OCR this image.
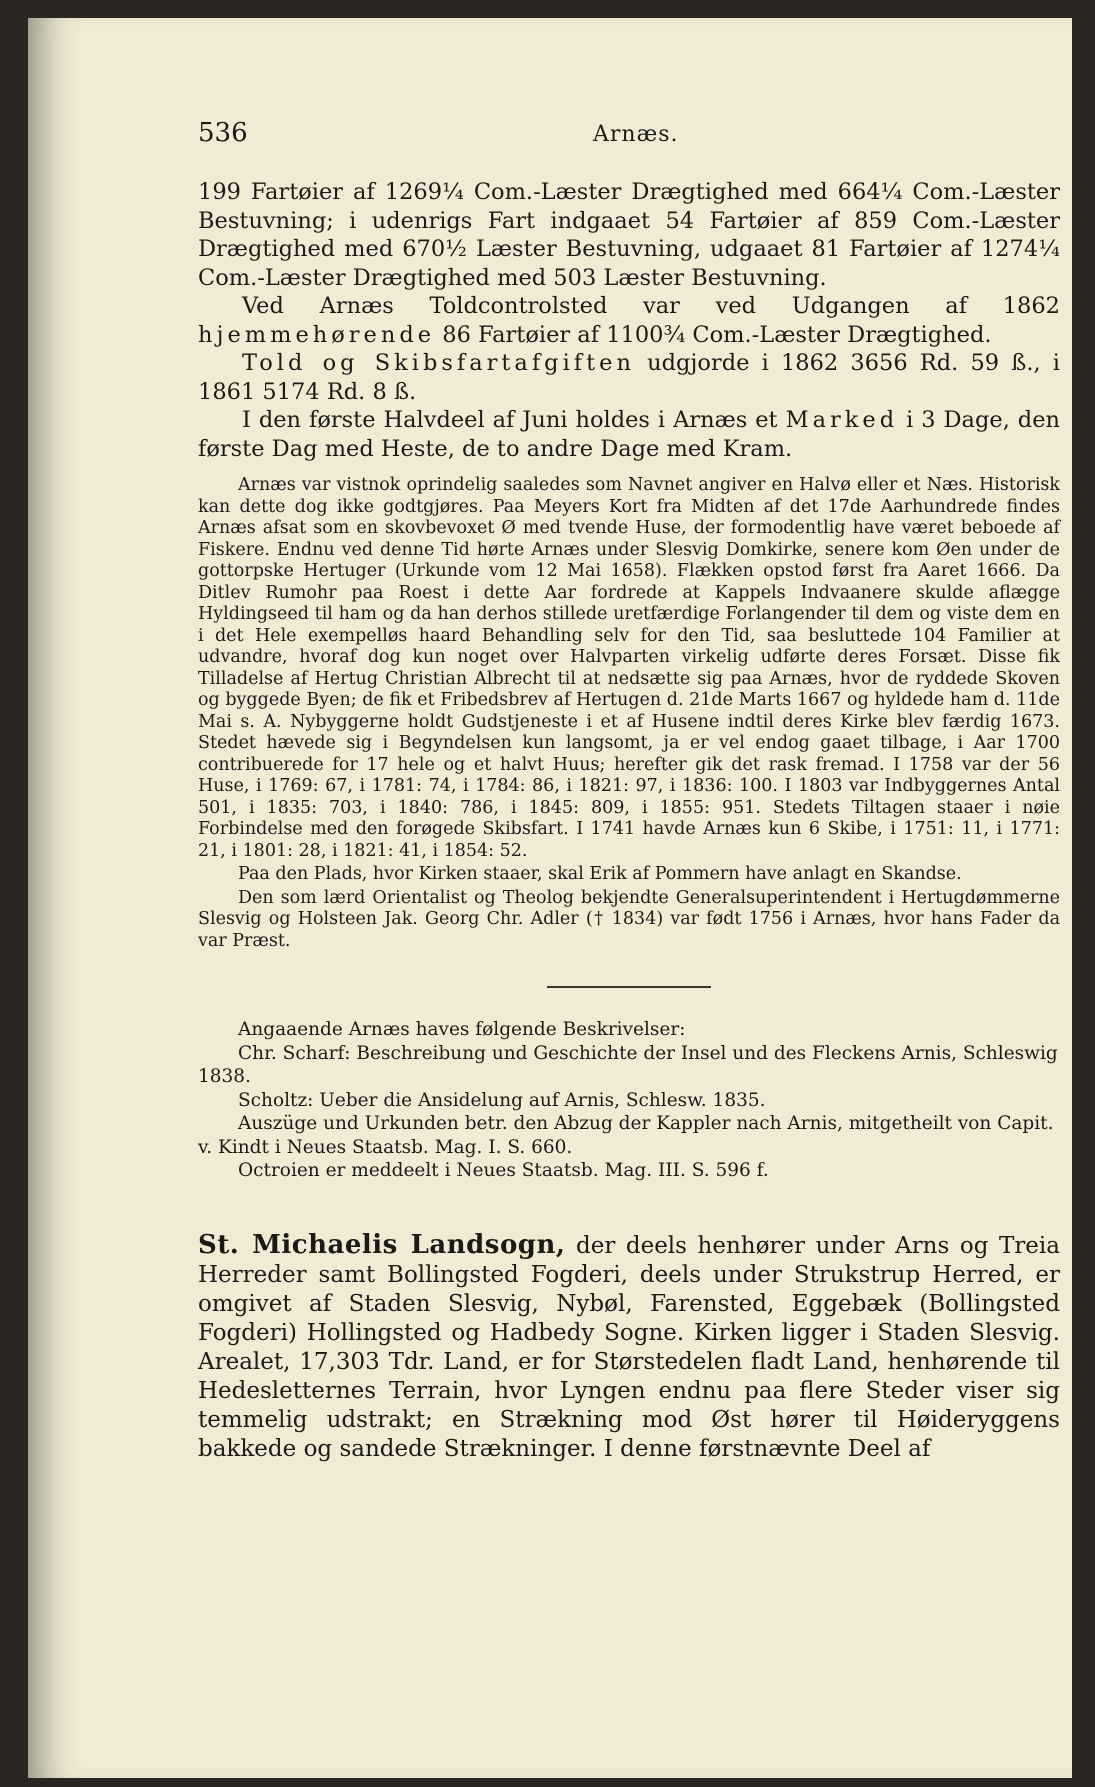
536	Arnæs.

199 Fartøier af 1269¼ Com.-Læster Drægtighed med 664¼ Com.-Læster Bestuvning; i udenrigs Fart indgaaet 54 Fartøier af 859 Com.-Læster Drægtighed med 670½ Læster Bestuvning, udgaaet 81 Fartøier af 1274¼ Com.-Læster Drægtighed med 503 Læster Bestuvning.

Ved Arnæs Toldcontrolsted var ved Udgangen af 1862 hjemmehørende 86 Fartøier af 1100¾ Com.-Læster Drægtighed.

Told og Skibsfartafgiften udgjorde i 1862 3656 Rd. 59 ß., i 1861 5174 Rd. 8 ß.

I den første Halvdeel af Juni holdes i Arnæs et Marked i 3 Dage, den første Dag med Heste, de to andre Dage med Kram.

Arnæs var vistnok oprindelig saaledes som Navnet angiver en Halvø eller et Næs. Historisk kan dette dog ikke godtgjøres. Paa Meyers Kort fra Midten af det 17de Aarhundrede findes Arnæs afsat som en skovbevoxet Ø med tvende Huse, der formodentlig have været beboede af Fiskere. Endnu ved denne Tid hørte Arnæs under Slesvig Domkirke, senere kom Øen under de gottorpske Hertuger (Urkunde vom 12 Mai 1658). Flækken opstod først fra Aaret 1666. Da Ditlev Rumohr paa Roest i dette Aar fordrede at Kappels Indvaanere skulde aflægge Hyldingseed til ham og da han derhos stillede uretfærdige Forlangender til dem og viste dem en i det Hele exempelløs haard Behandling selv for den Tid, saa besluttede 104 Familier at udvandre, hvoraf dog kun noget over Halvparten virkelig udførte deres Forsæt. Disse fik Tilladelse af Hertug Christian Albrecht til at nedsætte sig paa Arnæs, hvor de ryddede Skoven og byggede Byen; de fik et Fribedsbrev af Hertugen d. 21de Marts 1667 og hyldede ham d. 11de Mai s. A. Nybyggerne holdt Gudstjeneste i et af Husene indtil deres Kirke blev færdig 1673. Stedet hævede sig i Begyndelsen kun langsomt, ja er vel endog gaaet tilbage, i Aar 1700 contribuerede for 17 hele og et halvt Huus; herefter gik det rask fremad. I 1758 var der 56 Huse, i 1769: 67, i 1781: 74, i 1784: 86, i 1821: 97, i 1836: 100. I 1803 var Indbyggernes Antal 501, i 1835: 703, i 1840: 786, i 1845: 809, i 1855: 951. Stedets Tiltagen staaer i nøie Forbindelse med den forøgede Skibsfart. I 1741 havde Arnæs kun 6 Skibe, i 1751: 11, i 1771: 21, i 1801: 28, i 1821: 41, i 1854: 52.

Paa den Plads, hvor Kirken staaer, skal Erik af Pommern have anlagt en Skandse.

Den som lærd Orientalist og Theolog bekjendte Generalsuperintendent i Hertugdømmerne Slesvig og Holsteen Jak. Georg Chr. Adler († 1834) var født 1756 i Arnæs, hvor hans Fader da var Præst.

Angaaende Arnæs haves følgende Beskrivelser:

Chr. Scharf: Beschreibung und Geschichte der Insel und des Fleckens Arnis, Schleswig 1838.

Scholtz: Ueber die Ansidelung auf Arnis, Schlesw. 1835.

Auszüge und Urkunden betr. den Abzug der Kappler nach Arnis, mitgetheilt von Capit. v. Kindt i Neues Staatsb. Mag. I. S. 660.

Octroien er meddeelt i Neues Staatsb. Mag. III. S. 596 f.

St. Michaelis Landsogn, der deels henhører under Arns og Treia Herreder samt Bollingsted Fogderi, deels under Strukstrup Herred, er omgivet af Staden Slesvig, Nybøl, Farensted, Eggebæk (Bollingsted Fogderi) Hollingsted og Hadbedy Sogne. Kirken ligger i Staden Slesvig. Arealet, 17,303 Tdr. Land, er for Størstedelen fladt Land, henhørende til Hedesletternes Terrain, hvor Lyngen endnu paa flere Steder viser sig temmelig udstrakt; en Strækning mod Øst hører til Høideryggens bakkede og sandede Strækninger. I denne førstnævnte Deel af
